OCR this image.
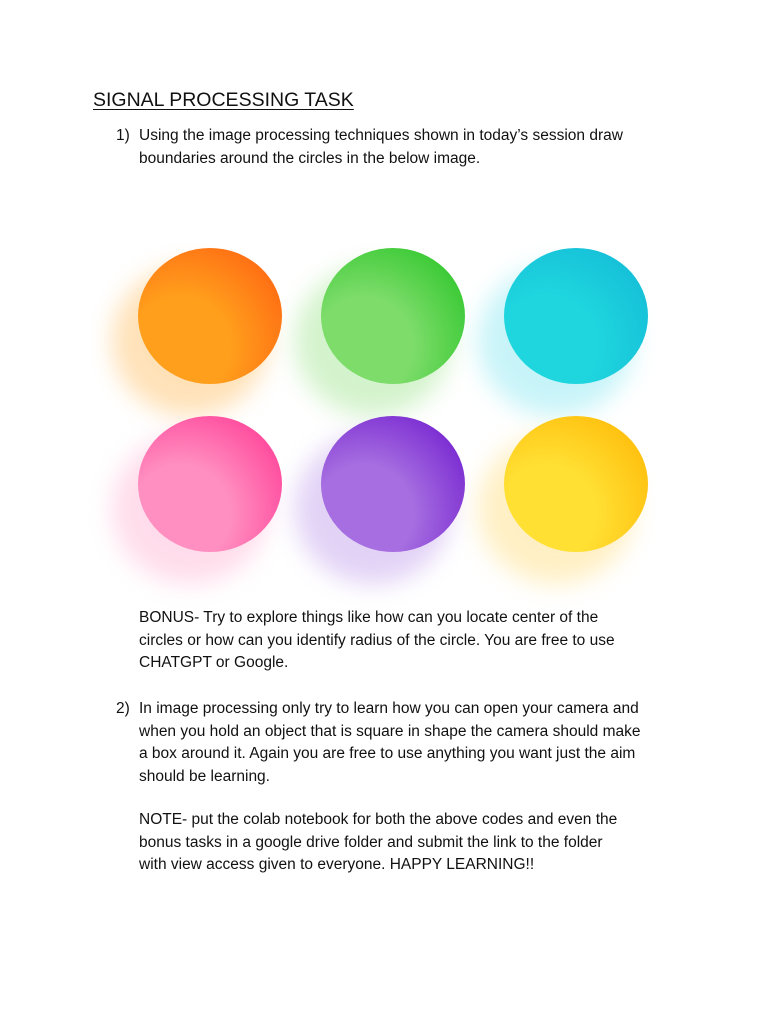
SIGNAL PROCESSING TASK
1) Using the image processing techniques shown in today’s session draw
boundaries around the circles in the below image.
BONUS- Try to explore things like how can you locate center of the
circles or how can you identify radius of the circle. You are free to use
CHATGPT or Google.
2) In image processing only try to learn how you can open your camera and
when you hold an object that is square in shape the camera should make
a box around it. Again you are free to use anything you want just the aim
should be learning.
NOTE- put the colab notebook for both the above codes and even the
bonus tasks in a google drive folder and submit the link to the folder
with view access given to everyone. HAPPY LEARNING!!
